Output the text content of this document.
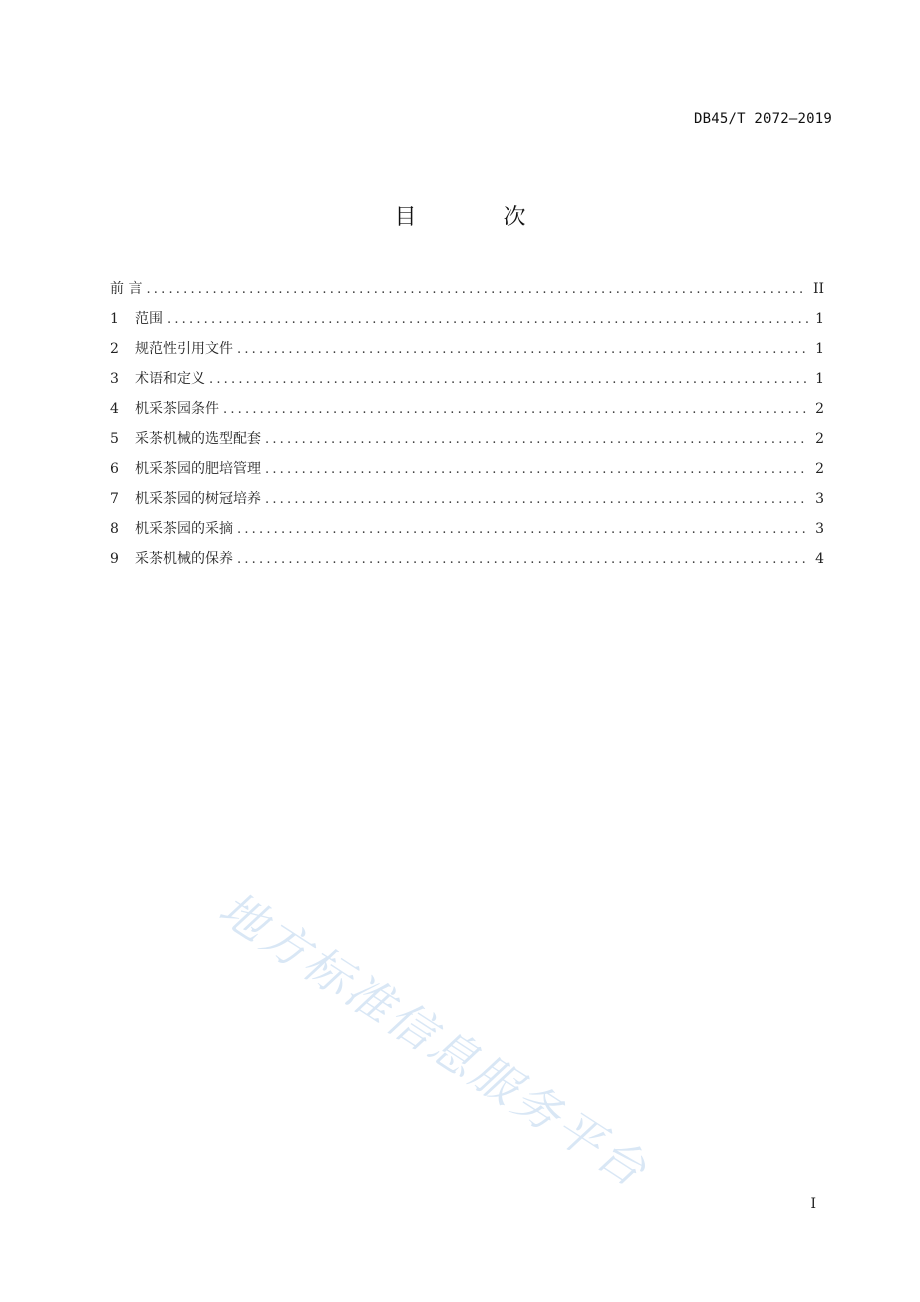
DB45/T 2072—2019
目 次
前 言 .....	II
1	范围 .....	1
2	规范性引用文件 .....	1
3	术语和定义 .....	1
4	机采茶园条件 .....	2
5	采茶机械的选型配套 .....	2
6	机采茶园的肥培管理 .....	2
7	机采茶园的树冠培养 .....	3
8	机采茶园的采摘 .....	3
9	采茶机械的保养 .....	4
地方标准信息服务平台
I
